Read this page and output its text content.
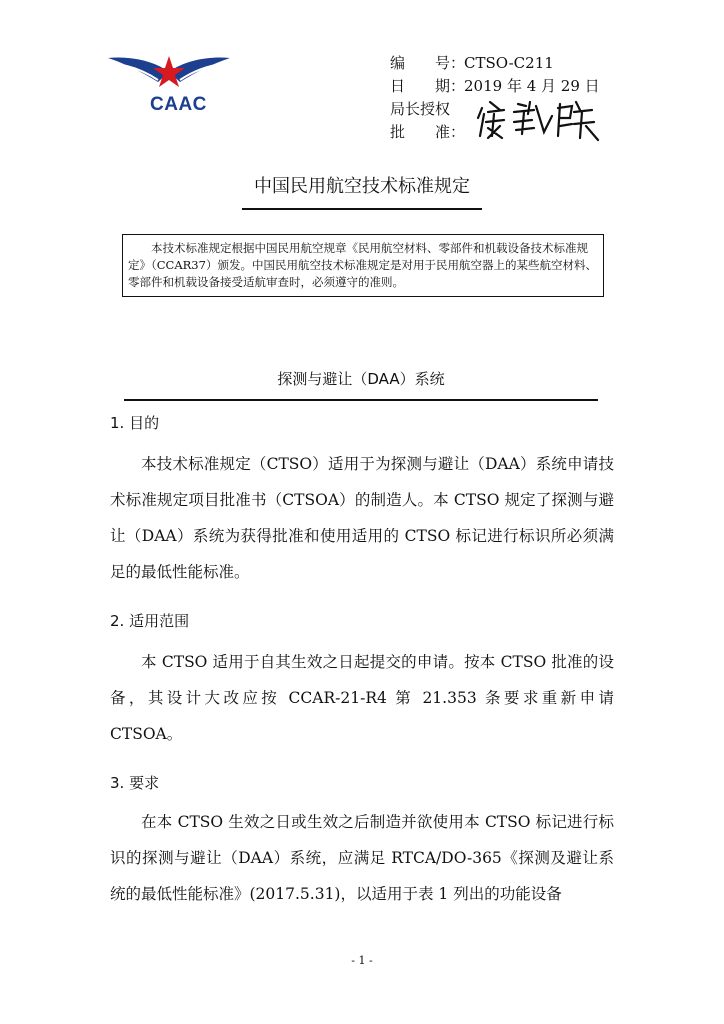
CAAC
编　　号：
CTSO-C211
日　　期：
2019 年 4 月 29 日
局长授权
批　　准：
中国民用航空技术标准规定
本技术标准规定根据中国民用航空规章《民用航空材料、零部件和机载设备技术标准规定》（CCAR37）颁发。中国民用航空技术标准规定是对用于民用航空器上的某些航空材料、零部件和机载设备接受适航审查时，必须遵守的准则。
探测与避让（DAA）系统
1. 目的
本技术标准规定（CTSO）适用于为探测与避让（DAA）系统申请技术标准规定项目批准书（CTSOA）的制造人。本 CTSO 规定了探测与避让（DAA）系统为获得批准和使用适用的 CTSO 标记进行标识所必须满足的最低性能标准。
2. 适用范围
本 CTSO 适用于自其生效之日起提交的申请。按本 CTSO 批准的设备，其设计大改应按 CCAR-21-R4 第 21.353 条要求重新申请 CTSOA。
3. 要求
在本 CTSO 生效之日或生效之后制造并欲使用本 CTSO 标记进行标识的探测与避让（DAA）系统，应满足 RTCA/DO-365《探测及避让系统的最低性能标准》(2017.5.31)，以适用于表 1 列出的功能设备
- 1 -
